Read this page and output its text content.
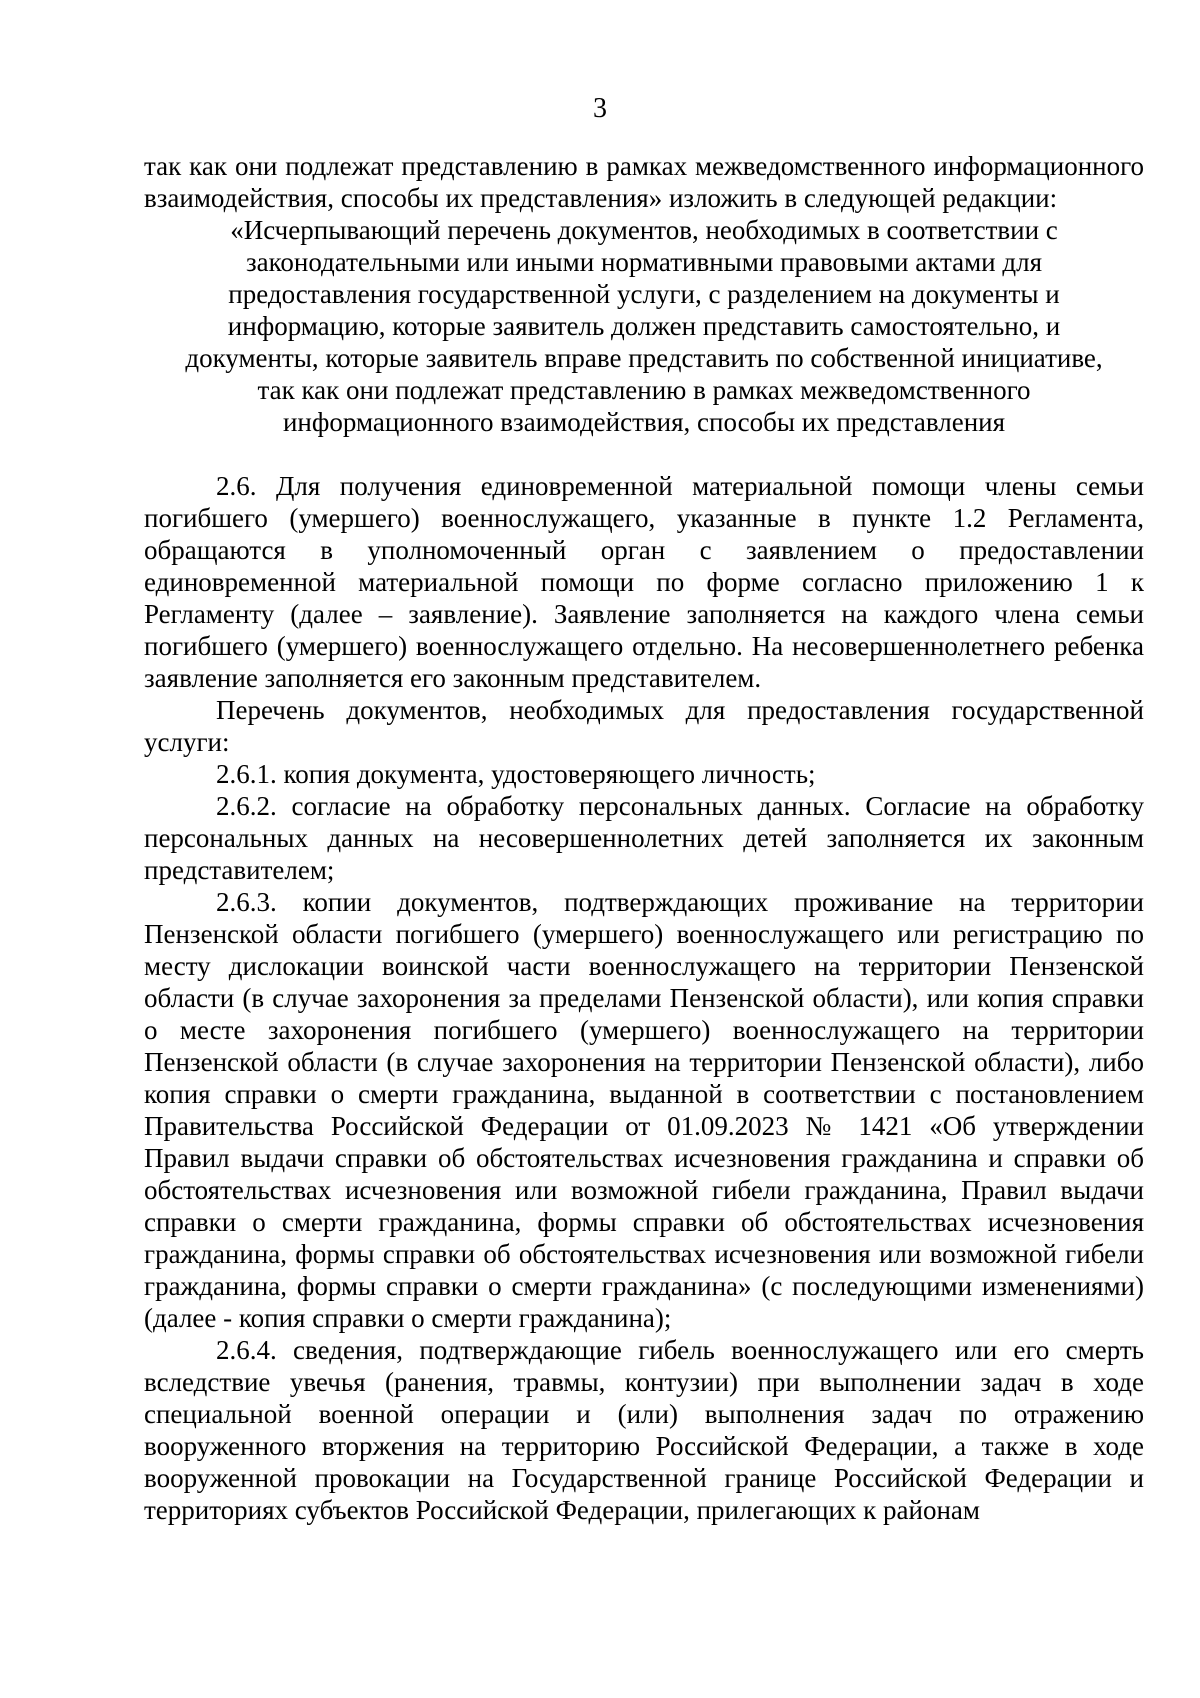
3

так как они подлежат представлению в рамках межведомственного информационного взаимодействия, способы их представления» изложить в следующей редакции:

«Исчерпывающий перечень документов, необходимых в соответствии с
законодательными или иными нормативными правовыми актами для
предоставления государственной услуги, с разделением на документы и
информацию, которые заявитель должен представить самостоятельно, и
документы, которые заявитель вправе представить по собственной инициативе,
так как они подлежат представлению в рамках межведомственного
информационного взаимодействия, способы их представления

2.6. Для получения единовременной материальной помощи члены семьи погибшего (умершего) военнослужащего, указанные в пункте 1.2 Регламента, обращаются в уполномоченный орган с заявлением о предоставлении единовременной материальной помощи по форме согласно приложению 1 к Регламенту (далее – заявление). Заявление заполняется на каждого члена семьи погибшего (умершего) военнослужащего отдельно. На несовершеннолетнего ребенка заявление заполняется его законным представителем.

Перечень документов, необходимых для предоставления государственной услуги:

2.6.1. копия документа, удостоверяющего личность;

2.6.2. согласие на обработку персональных данных. Согласие на обработку персональных данных на несовершеннолетних детей заполняется их законным представителем;

2.6.3. копии документов, подтверждающих проживание на территории Пензенской области погибшего (умершего) военнослужащего или регистрацию по месту дислокации воинской части военнослужащего на территории Пензенской области (в случае захоронения за пределами Пензенской области), или копия справки о месте захоронения погибшего (умершего) военнослужащего на территории Пензенской области (в случае захоронения на территории Пензенской области), либо копия справки о смерти гражданина, выданной в соответствии с постановлением Правительства Российской Федерации от 01.09.2023 № 1421 «Об утверждении Правил выдачи справки об обстоятельствах исчезновения гражданина и справки об обстоятельствах исчезновения или возможной гибели гражданина, Правил выдачи справки о смерти гражданина, формы справки об обстоятельствах исчезновения гражданина, формы справки об обстоятельствах исчезновения или возможной гибели гражданина, формы справки о смерти гражданина» (с последующими изменениями) (далее - копия справки о смерти гражданина);

2.6.4. сведения, подтверждающие гибель военнослужащего или его смерть вследствие увечья (ранения, травмы, контузии) при выполнении задач в ходе специальной военной операции и (или) выполнения задач по отражению вооруженного вторжения на территорию Российской Федерации, а также в ходе вооруженной провокации на Государственной границе Российской Федерации и территориях субъектов Российской Федерации, прилегающих к районам
